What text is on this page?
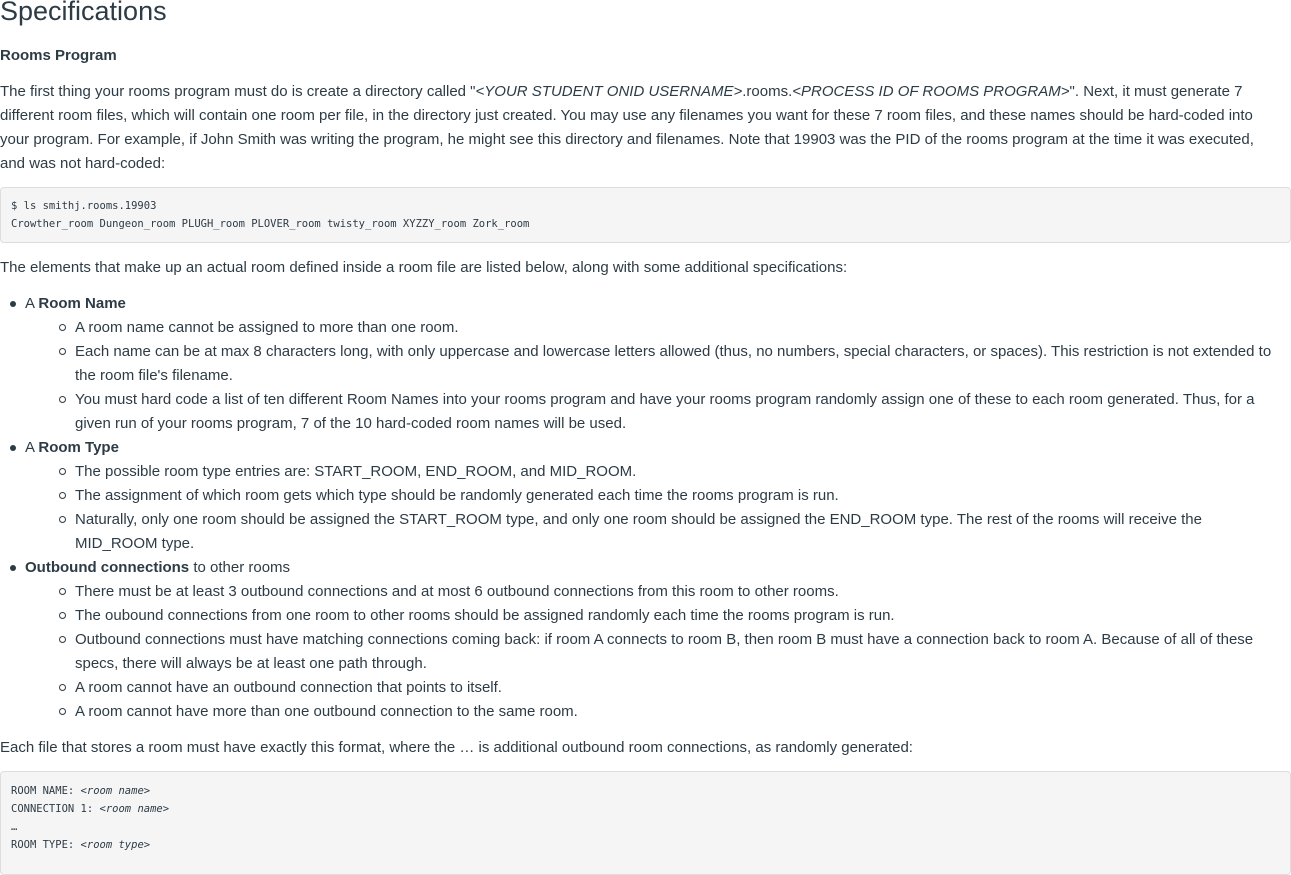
Specifications
Rooms Program

The first thing your rooms program must do is create a directory called "<YOUR STUDENT ONID USERNAME>.rooms.<PROCESS ID OF ROOMS PROGRAM>". Next, it must generate 7 different room files, which will contain one room per file, in the directory just created. You may use any filenames you want for these 7 room files, and these names should be hard-coded into your program. For example, if John Smith was writing the program, he might see this directory and filenames. Note that 19903 was the PID of the rooms program at the time it was executed, and was not hard-coded:

$ ls smithj.rooms.19903
Crowther_room Dungeon_room PLUGH_room PLOVER_room twisty_room XYZZY_room Zork_room

The elements that make up an actual room defined inside a room file are listed below, along with some additional specifications:

A Room Name
A room name cannot be assigned to more than one room.
Each name can be at max 8 characters long, with only uppercase and lowercase letters allowed (thus, no numbers, special characters, or spaces). This restriction is not extended to the room file's filename.
You must hard code a list of ten different Room Names into your rooms program and have your rooms program randomly assign one of these to each room generated. Thus, for a given run of your rooms program, 7 of the 10 hard-coded room names will be used.
A Room Type
The possible room type entries are: START_ROOM, END_ROOM, and MID_ROOM.
The assignment of which room gets which type should be randomly generated each time the rooms program is run.
Naturally, only one room should be assigned the START_ROOM type, and only one room should be assigned the END_ROOM type. The rest of the rooms will receive the MID_ROOM type.
Outbound connections to other rooms
There must be at least 3 outbound connections and at most 6 outbound connections from this room to other rooms.
The oubound connections from one room to other rooms should be assigned randomly each time the rooms program is run.
Outbound connections must have matching connections coming back: if room A connects to room B, then room B must have a connection back to room A. Because of all of these specs, there will always be at least one path through.
A room cannot have an outbound connection that points to itself.
A room cannot have more than one outbound connection to the same room.

Each file that stores a room must have exactly this format, where the … is additional outbound room connections, as randomly generated:

ROOM NAME: <room name>
CONNECTION 1: <room name>
…
ROOM TYPE: <room type>
